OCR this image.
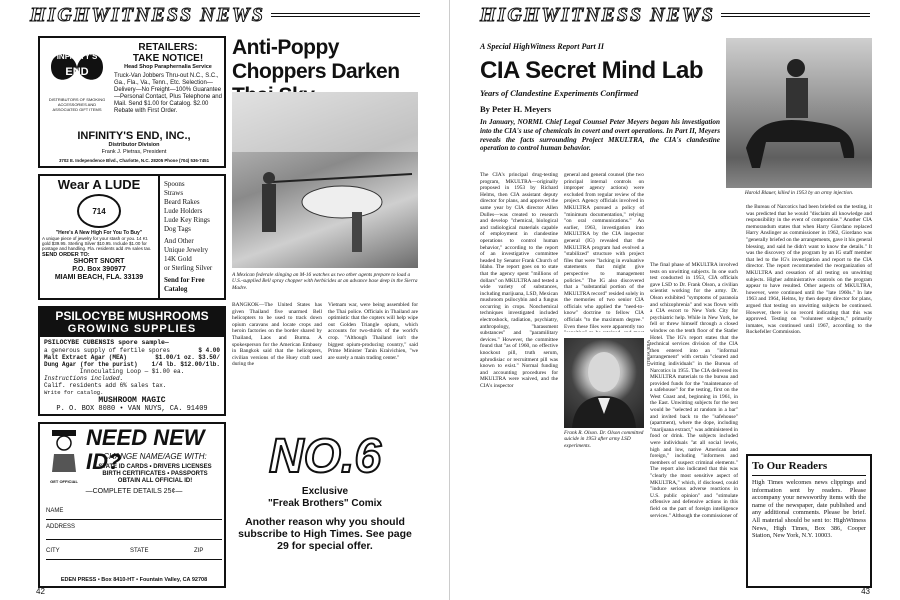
HIGHWITNESS NEWS
INFINITY'S
END
DISTRIBUTORS OF SMOKING ACCESSORIES AND ASSOCIATED GIFT ITEMS
RETAILERS:
TAKE NOTICE!
Head Shop Paraphernalia Service
Truck-Van Jobbers Thru-out N.C., S.C., Ga., Fla., Va., Tenn., Etc. Selection—Delivery—No Freight—100% Guarantee—Personal Contact, Plus Telephone and Mail. Send $1.00 for Catalog. $2.00 Rebate with First Order.
INFINITY'S END, INC.,
Distributor Division
Frank J. Pietras, President
3702 E. Independence Blvd., Charlotte, N.C. 28205 Phone (704) 536-7451
Wear A LUDE
714
"Here's A New High For You To Buy"
A unique piece of jewelry for your stash or you. 14 Kt. gold $39.95. Sterling Silver $10.95. Include $1.00 for postage and handling. Fla. residents add 4% sales tax.
SEND ORDER TO:
SHORT SNORT
P.O. Box 390977
MIAMI BEACH, FLA. 33139
Spoons
Straws
Beard Rakes
Lude Holders
Lude Key Rings
Dog Tags
And Other
Unique Jewelry
14K Gold
or Sterling Silver
Send for Free Catalog
PSILOCYBE MUSHROOMS
GROWING SUPPLIES
PSILOCYBE CUBENSIS spore sample—
a generous supply of fertile spores	$ 4.00
Malt Extract Agar (MEA)	$1.00/1 oz. $3.50/
Dung Agar (for the purist) 1/4 lb. $12.00/1lb.
Innoculating Loop — $1.00 ea.
Instructions included.
Calif. residents add 6% sales tax.
Write for catalog.
MUSHROOM MAGIC
P. O. BOX 8080 • VAN NUYS, CA. 91409
GET OFFICIAL
NEED NEW ID?
CHANGE NAME/AGE WITH:
STATE ID CARDS • DRIVERS LICENSES
BIRTH CERTIFICATES • PASSPORTS
OBTAIN ALL OFFICIAL ID!
—COMPLETE DETAILS 25¢—
NAME
ADDRESS
CITY	STATE	ZIP
EDEN PRESS • Box 8410-HT • Fountain Valley, CA 92708
Anti-Poppy Choppers Darken
A Mexican federale slinging an M-16 watches as two other agents prepare to load a U.S.-supplied Bell spray chopper with herbicides at an advance base deep in the Sierra Madre.
BANGKOK—The United States has given Thailand five unarmed Bell helicopters to be used to track down opium caravans and locate crops and heroin factories on the border shared by Thailand, Laos and Burma. A spokesperson for the American Embassy in Bangkok said that the helicopters, civilian versions of the Huey craft used during the
Vietnam war, were being assembled for the Thai police. Officials in Thailand are optimistic that the copters will help wipe out Golden Triangle opium, which accounts for two-thirds of the world's crop. "Although Thailand isn't the biggest opium-producing country," said Prime Minister Tanin Kraivichien, "we are surely a main trading center."
NO.6
Exclusive
"Freak Brothers" Comix
Another reason why you should subscribe to High Times. See page 29 for special offer.
42
HIGHWITNESS NEWS
A Special HighWitness Report Part II
CIA Secret Mind Lab
Years of Clandestine Experiments Confirmed
By Peter H. Meyers
In January, NORML Chief Legal Counsel Peter Meyers began his investigation into the CIA's use of chemicals in covert and overt operations. In Part II, Meyers reveals the facts surrounding Project MKULTRA, the CIA's clandestine operation to control human behavior.
Harold Blauer, killed in 1953 by an army injection.
The CIA's principal drug-testing program, MKULTRA—originally proposed in 1953 by Richard Helms, then CIA assistant deputy director for plans, and approved the same year by CIA director Allen Dulles—was created to research and develop "chemical, biological and radiological materials capable of employment in clandestine operations to control human behavior," according to the report of an investigative committee headed by Senator Frank Church of Idaho. The report goes on to state that the agency spent "millions of dollars" on MKULTRA and tested a wide variety of substances, including marijuana, LSD, Mexican mushroom psilocybin and a fungus occurring in crops. Nonchemical techniques investigated included electroshock, radiation, psychiatry, anthropology, "harassment substances" and "paramilitary devices." However, the committee found that "as of 1960, no effective knockout pill, truth serum, aphrodisiac or recruitment pill was known to exist." Normal funding and accounting procedures for MKULTRA were waived, and the CIA's inspector
WIDE WORLD
Frank R. Olson. Dr. Olson committed suicide in 1953 after army LSD experiments.
general and general counsel (the two principal internal controls on improper agency actions) were excluded from regular review of the project. Agency officials involved in MKULTRA pursued a policy of "minimum documentation," relying "on oral communications." An earlier, 1963, investigation into MKULTRA by the CIA inspector general (IG) revealed that the MKULTRA program had evolved a "stabilized" structure with project files that were "lacking in evaluative statements that might give perspective to management policies." The IG also discovered that a "substantial portion of the MKULTRA record" resided solely in the memories of two senior CIA officials who applied the "need-to-know" doctrine to fellow CIA officials "to the maximum degree." Even these files were apparently too
The final phase of MKULTRA involved tests on unwitting subjects. In one such test conducted in 1953, CIA officials gave LSD to Dr. Frank Olson, a civilian scientist working for the army. Dr. Olson exhibited "symptoms of paranoia and schizophrenia" and was flown with a CIA escort to New York City for psychiatric help. While in New York, he fell or threw himself through a closed window on the tenth floor of the Statler Hotel. The IG's report states that the technical services division of the CIA then entered into an "informal arrangement" with certain "cleared and witting individuals" in the Bureau of Narcotics in 1955. The CIA delivered its MKULTRA materials to the bureau and provided funds for the "maintenance of a safehouse" for the testing, first on the West Coast and, beginning in 1961, in the East. Unwitting subjects for the test would be "selected at random in a bar" and invited back to the "safehouse" (apartment), where the dope, including "marijuana extract," was administered in food or drink. The subjects included were individuals "at all social levels, high and low, native American and foreign," including "informers and members of suspect criminal elements." The report also indicated that this was "clearly the most sensitive aspect of MKULTRA," which, if disclosed, could "induce serious adverse reactions in U.S. public opinion" and "stimulate offensive and defensive actions in this field on the part of foreign intelligence services." Although the commissioner of
the Bureau of Narcotics had been briefed on the testing, it was predicted that he would "disclaim all knowledge and responsibility in the event of compromise." Another CIA memorandum states that when Harry Giordano replaced Harry Anslinger as commissioner in 1962, Giordano was "generally briefed on the arrangements, gave it his general blessing, and said he didn't want to know the details." It was the discovery of the program by an IG staff member that led to the IG's investigation and report to the CIA director. The report recommended the reorganization of MKULTRA and cessation of all testing on unwitting subjects. Higher administrative controls on the program appear to have resulted. Other aspects of MKULTRA, however, were continued until the "late 1960s." In late 1963 and 1964, Helms, by then deputy director for plans, argued that testing on unwitting subjects be continued. However, there is no record indicating that this was approved. Testing on "volunteer subjects," primarily inmates, was continued until 1967, according to the Rockefeller Commission.
To Our Readers
High Times welcomes news clippings and information sent by readers. Please accompany your newsworthy items with the name of the newspaper, date published and any additional comments. Please be brief. All material should be sent to: HighWitness News, High Times, Box 386, Cooper Station, New York, N.Y. 10003.
43
